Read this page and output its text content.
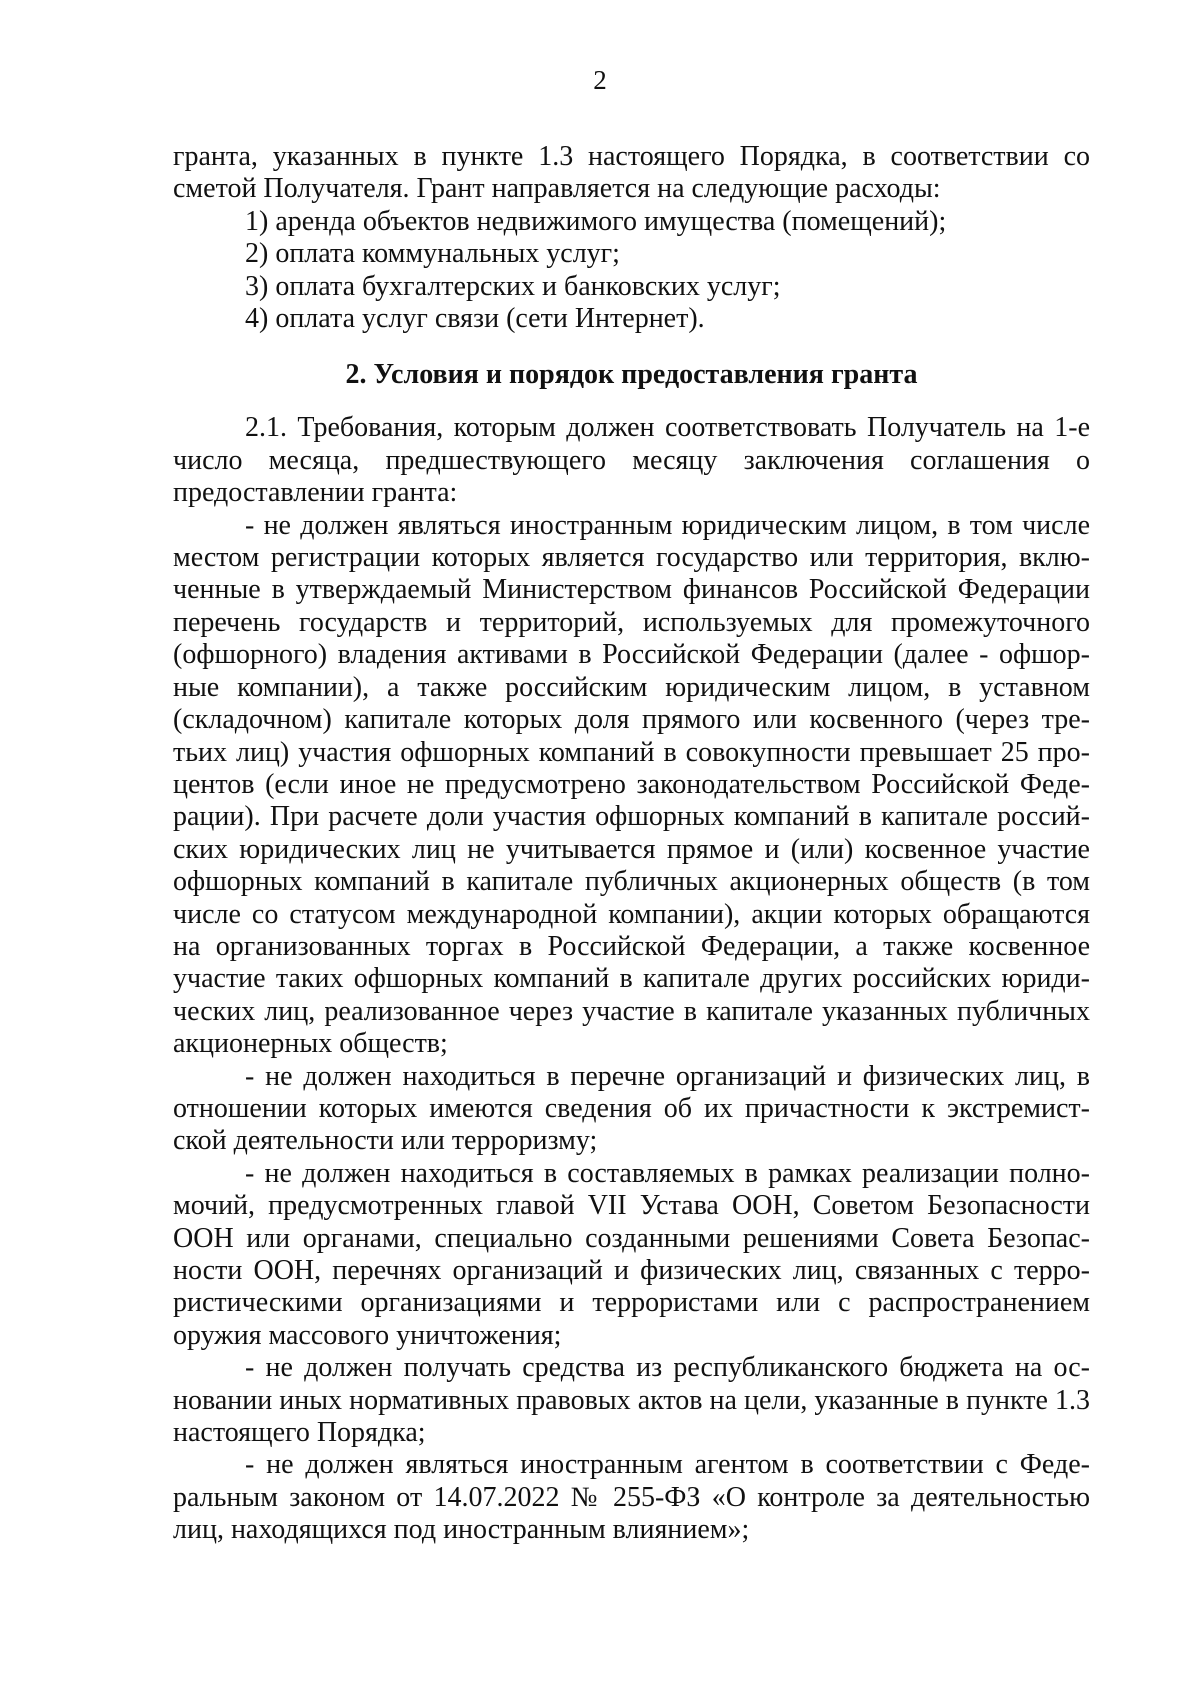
2

гранта, указанных в пункте 1.3 настоящего Порядка, в соответствии со сметой Получателя. Грант направляется на следующие расходы:

1) аренда объектов недвижимого имущества (помещений);

2) оплата коммунальных услуг;

3) оплата бухгалтерских и банковских услуг;

4) оплата услуг связи (сети Интернет).

2. Условия и порядок предоставления гранта

2.1. Требования, которым должен соответствовать Получатель на 1-е число месяца, предшествующего месяцу заключения соглашения о предоставлении гранта:

- не должен являться иностранным юридическим лицом, в том числе местом регистрации которых является государство или территория, включенные в утверждаемый Министерством финансов Российской Федерации перечень государств и территорий, используемых для промежуточного (офшорного) владения активами в Российской Федерации (далее - офшорные компании), а также российским юридическим лицом, в уставном (складочном) капитале которых доля прямого или косвенного (через третьих лиц) участия офшорных компаний в совокупности превышает 25 процентов (если иное не предусмотрено законодательством Российской Федерации). При расчете доли участия офшорных компаний в капитале российских юридических лиц не учитывается прямое и (или) косвенное участие офшорных компаний в капитале публичных акционерных обществ (в том числе со статусом международной компании), акции которых обращаются на организованных торгах в Российской Федерации, а также косвенное участие таких офшорных компаний в капитале других российских юридических лиц, реализованное через участие в капитале указанных публичных акционерных обществ;

- не должен находиться в перечне организаций и физических лиц, в отношении которых имеются сведения об их причастности к экстремистской деятельности или терроризму;

- не должен находиться в составляемых в рамках реализации полномочий, предусмотренных главой VII Устава ООН, Советом Безопасности ООН или органами, специально созданными решениями Совета Безопасности ООН, перечнях организаций и физических лиц, связанных с террористическими организациями и террористами или с распространением оружия массового уничтожения;

- не должен получать средства из республиканского бюджета на основании иных нормативных правовых актов на цели, указанные в пункте 1.3 настоящего Порядка;

- не должен являться иностранным агентом в соответствии с Федеральным законом от 14.07.2022 № 255-ФЗ «О контроле за деятельностью лиц, находящихся под иностранным влиянием»;
